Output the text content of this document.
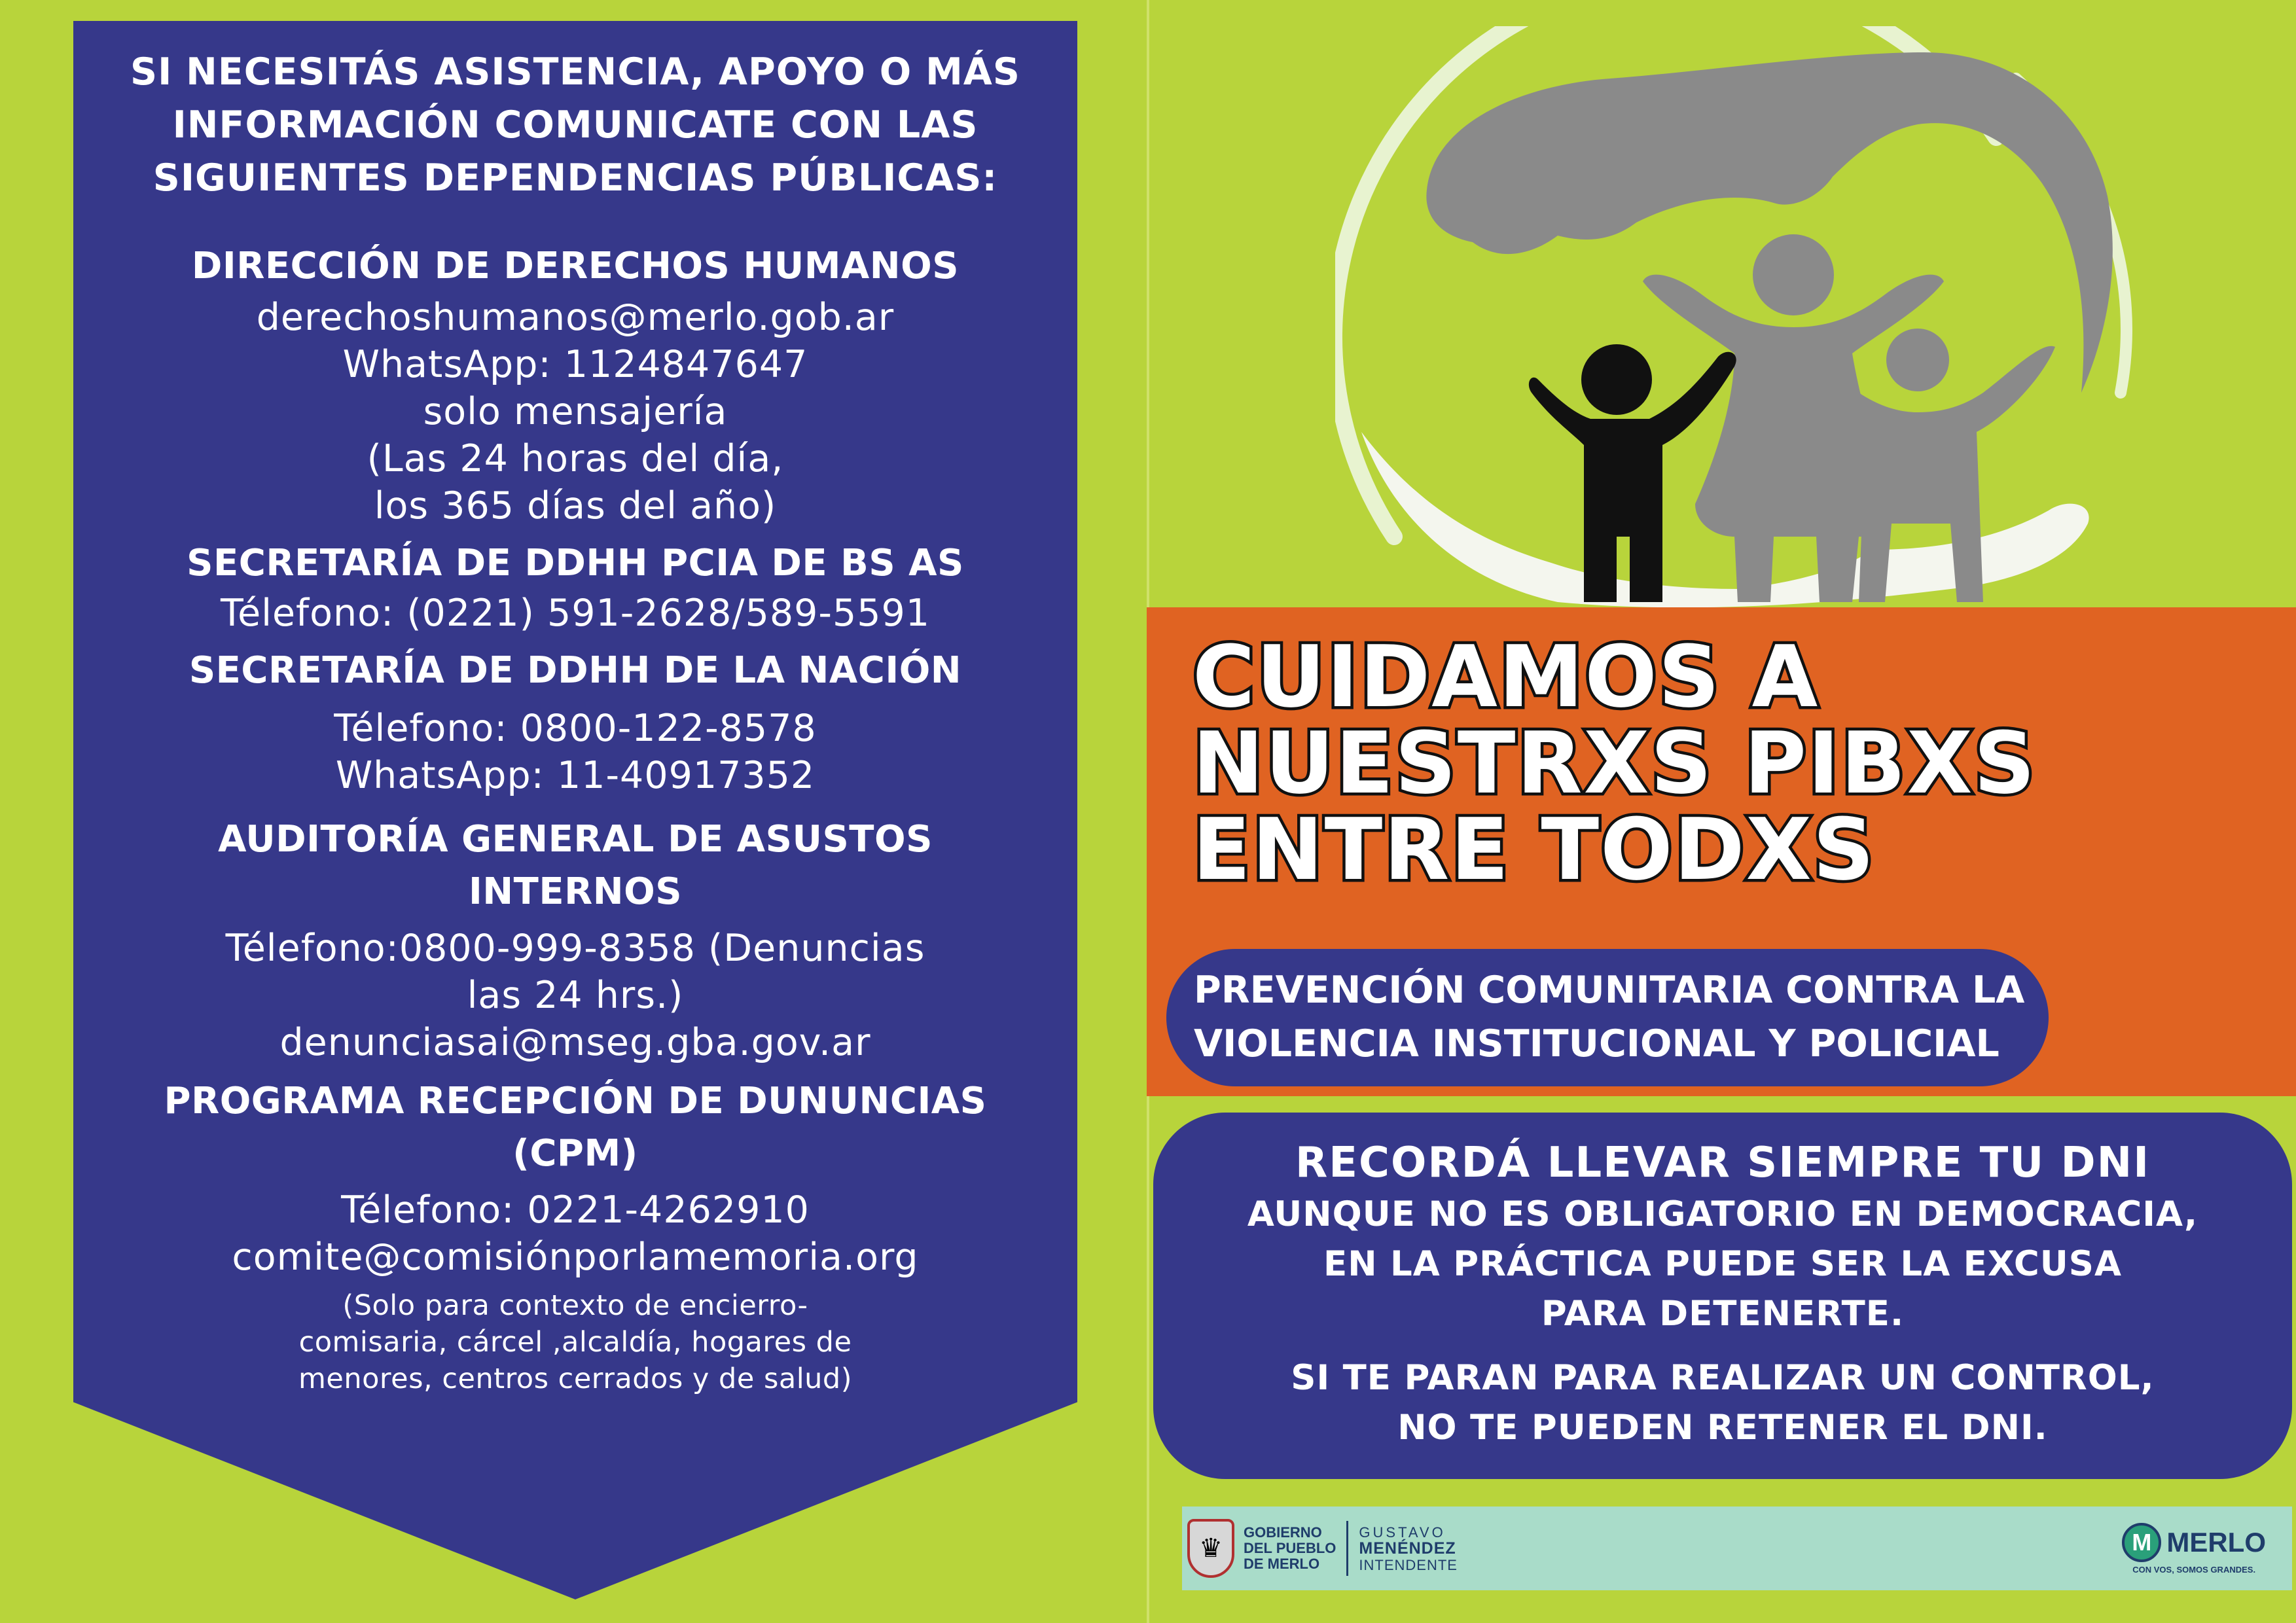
SI NECESITÁS ASISTENCIA, APOYO O MÁS
INFORMACIÓN COMUNICATE CON LAS
SIGUIENTES DEPENDENCIAS PÚBLICAS:
DIRECCIÓN DE DERECHOS HUMANOS
derechoshumanos@merlo.gob.ar
WhatsApp: 1124847647
solo mensajería
(Las 24 horas del día,
los 365 días del año)
SECRETARÍA DE DDHH PCIA DE BS AS
Télefono: (0221) 591-2628/589-5591
SECRETARÍA DE DDHH DE LA NACIÓN
Télefono: 0800-122-8578
WhatsApp: 11-40917352
AUDITORÍA GENERAL DE ASUSTOS
INTERNOS
Télefono:0800-999-8358 (Denuncias
las 24 hrs.)
denunciasai@mseg.gba.gov.ar
PROGRAMA RECEPCIÓN DE DUNUNCIAS
(CPM)
Télefono: 0221-4262910
comite@comisiónporlamemoria.org
(Solo para contexto de encierro-
comisaria, cárcel ,alcaldía, hogares de
menores, centros cerrados y de salud)
CUIDAMOS A
NUESTRXS PIBXS
ENTRE TODXS
PREVENCIÓN COMUNITARIA CONTRA LA
VIOLENCIA INSTITUCIONAL Y POLICIAL
RECORDÁ LLEVAR SIEMPRE TU DNI
AUNQUE NO ES OBLIGATORIO EN DEMOCRACIA,
EN LA PRÁCTICA PUEDE SER LA EXCUSA
PARA DETENERTE.
SI TE PARAN PARA REALIZAR UN CONTROL,
NO TE PUEDEN RETENER EL DNI.
♛
GOBIERNO
DEL PUEBLO
DE MERLO
GUSTAVO
MENÉNDEZ
INTENDENTE
M MERLO
CON VOS, SOMOS GRANDES.
